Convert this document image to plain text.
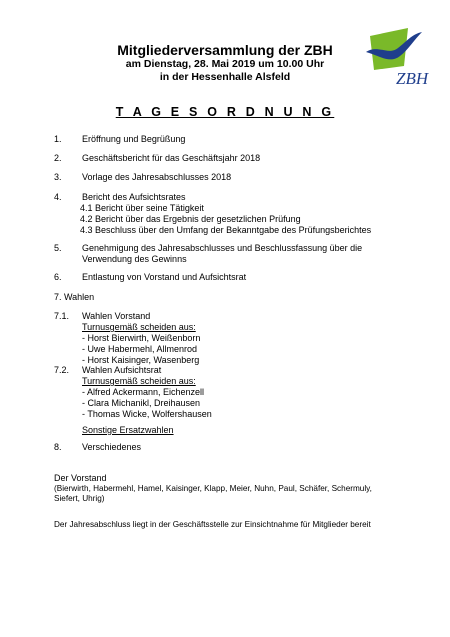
Mitgliederversammlung der ZBH
am Dienstag, 28. Mai 2019 um 10.00 Uhr
in der Hessenhalle Alsfeld	ZBH
T A G E S O R D N U N G
1. Eröffnung und Begrüßung
2. Geschäftsbericht für das Geschäftsjahr 2018
3. Vorlage des Jahresabschlusses 2018
4. Bericht des Aufsichtsrates
4.1 Bericht über seine Tätigkeit
4.2 Bericht über das Ergebnis der gesetzlichen Prüfung
4.3 Beschluss über den Umfang der Bekanntgabe des Prüfungsberichtes
5. Genehmigung des Jahresabschlusses und Beschlussfassung über die
Verwendung des Gewinns
6. Entlastung von Vorstand und Aufsichtsrat
7. Wahlen
7.1. Wahlen Vorstand
Turnusgemäß scheiden aus:
- Horst Bierwirth, Weißenborn
- Uwe Habermehl, Allmenrod
- Horst Kaisinger, Wasenberg
7.2. Wahlen Aufsichtsrat
Turnusgemäß scheiden aus:
- Alfred Ackermann, Eichenzell
- Clara Michanikl, Dreihausen
- Thomas Wicke, Wolfershausen
Sonstige Ersatzwahlen
8. Verschiedenes
Der Vorstand
(Bierwirth, Habermehl, Hamel, Kaisinger, Klapp, Meier, Nuhn, Paul, Schäfer, Schermuly,
Siefert, Uhrig)
Der Jahresabschluss liegt in der Geschäftsstelle zur Einsichtnahme für Mitglieder bereit
